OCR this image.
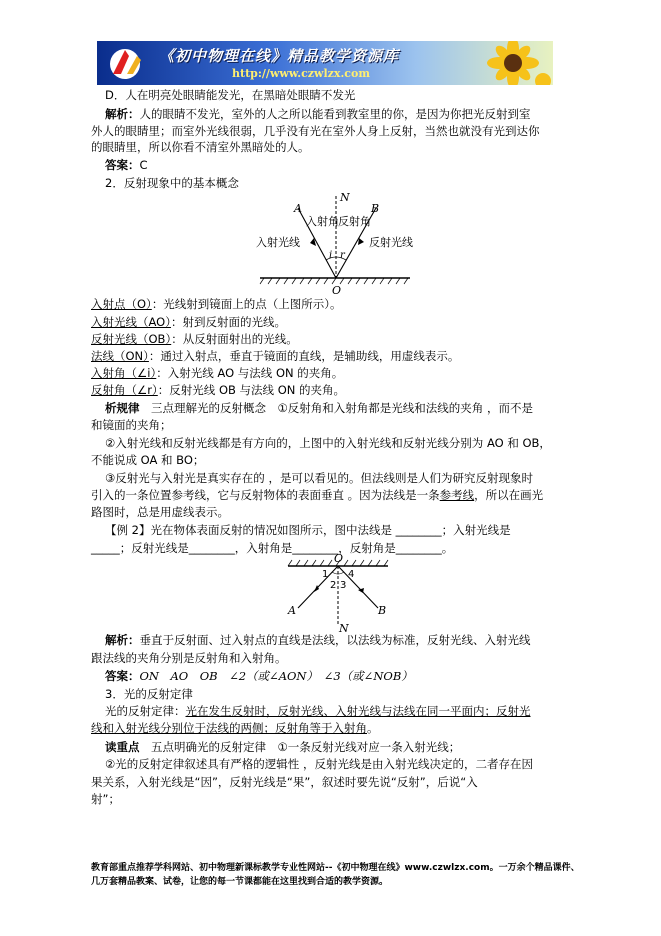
《初中物理在线》精品教学资源库
http://www.czwlzx.com
D．人在明亮处眼睛能发光，在黑暗处眼睛不发光
解析：人的眼睛不发光，室外的人之所以能看到教室里的你，是因为你把光反射到室
外人的眼睛里；而室外光线很弱，几乎没有光在室外人身上反射，当然也就没有光到达你
的眼睛里，所以你看不清室外黑暗处的人。
答案：C
2．反射现象中的基本概念
N
A	B
O
入射角 反射角
入射光线	反射光线
i r
入射点（O）：光线射到镜面上的点（上图所示）。
入射光线（AO）：射到反射面的光线。
反射光线（OB）：从反射面射出的光线。
法线（ON）：通过入射点，垂直于镜面的直线，是辅助线，用虚线表示。
入射角（∠i）：入射光线 AO 与法线 ON 的夹角。
反射角（∠r）：反射光线 OB 与法线 ON 的夹角。
析规律　 三点理解光的反射概念　①反射角和入射角都是光线和法线的夹角 ，而不是
和镜面的夹角；
②入射光线和反射光线都是有方向的，上图中的入射光线和反射光线分别为 AO 和 OB，
不能说成 OA 和 BO；
③反射光与入射光是真实存在的 ，是可以看见的。但法线则是人们为研究反射现象时
引入的一条位置参考线，它与反射物体的表面垂直 。因为法线是一条参考线，所以在画光
路图时，总是用虚线表示。
【例 2】光在物体表面反射的情况如图所示，图中法线是 ________；入射光线是
_____；反射光线是________，入射角是________，反射角是________。
O
N
A	B
1
2 3
4
解析：垂直于反射面、过入射点的直线是法线，以法线为标准，反射光线、入射光线
跟法线的夹角分别是反射角和入射角。
答案：ON　AO　OB　∠2（或∠AON）　∠3（或∠NOB）
3．光的反射定律
光的反射定律：光在发生反射时，反射光线、入射光线与法线在同一平面内；反射光
线和入射光线分别位于法线的两侧；反射角等于入射角。
读重点　 五点明确光的反射定律　①一条反射光线对应一条入射光线；
②光的反射定律叙述具有严格的逻辑性 ，反射光线是由入射光线决定的，二者存在因
果关系，入射光线是“因”，反射光线是“果”，叙述时要先说“反射”，后说“入
射”；
教育部重点推荐学科网站、初中物理新课标教学专业性网站--《初中物理在线》www.czwlzx.com。一万余个精品课件、
几万套精品教案、试卷，让您的每一节课都能在这里找到合适的教学资源。
